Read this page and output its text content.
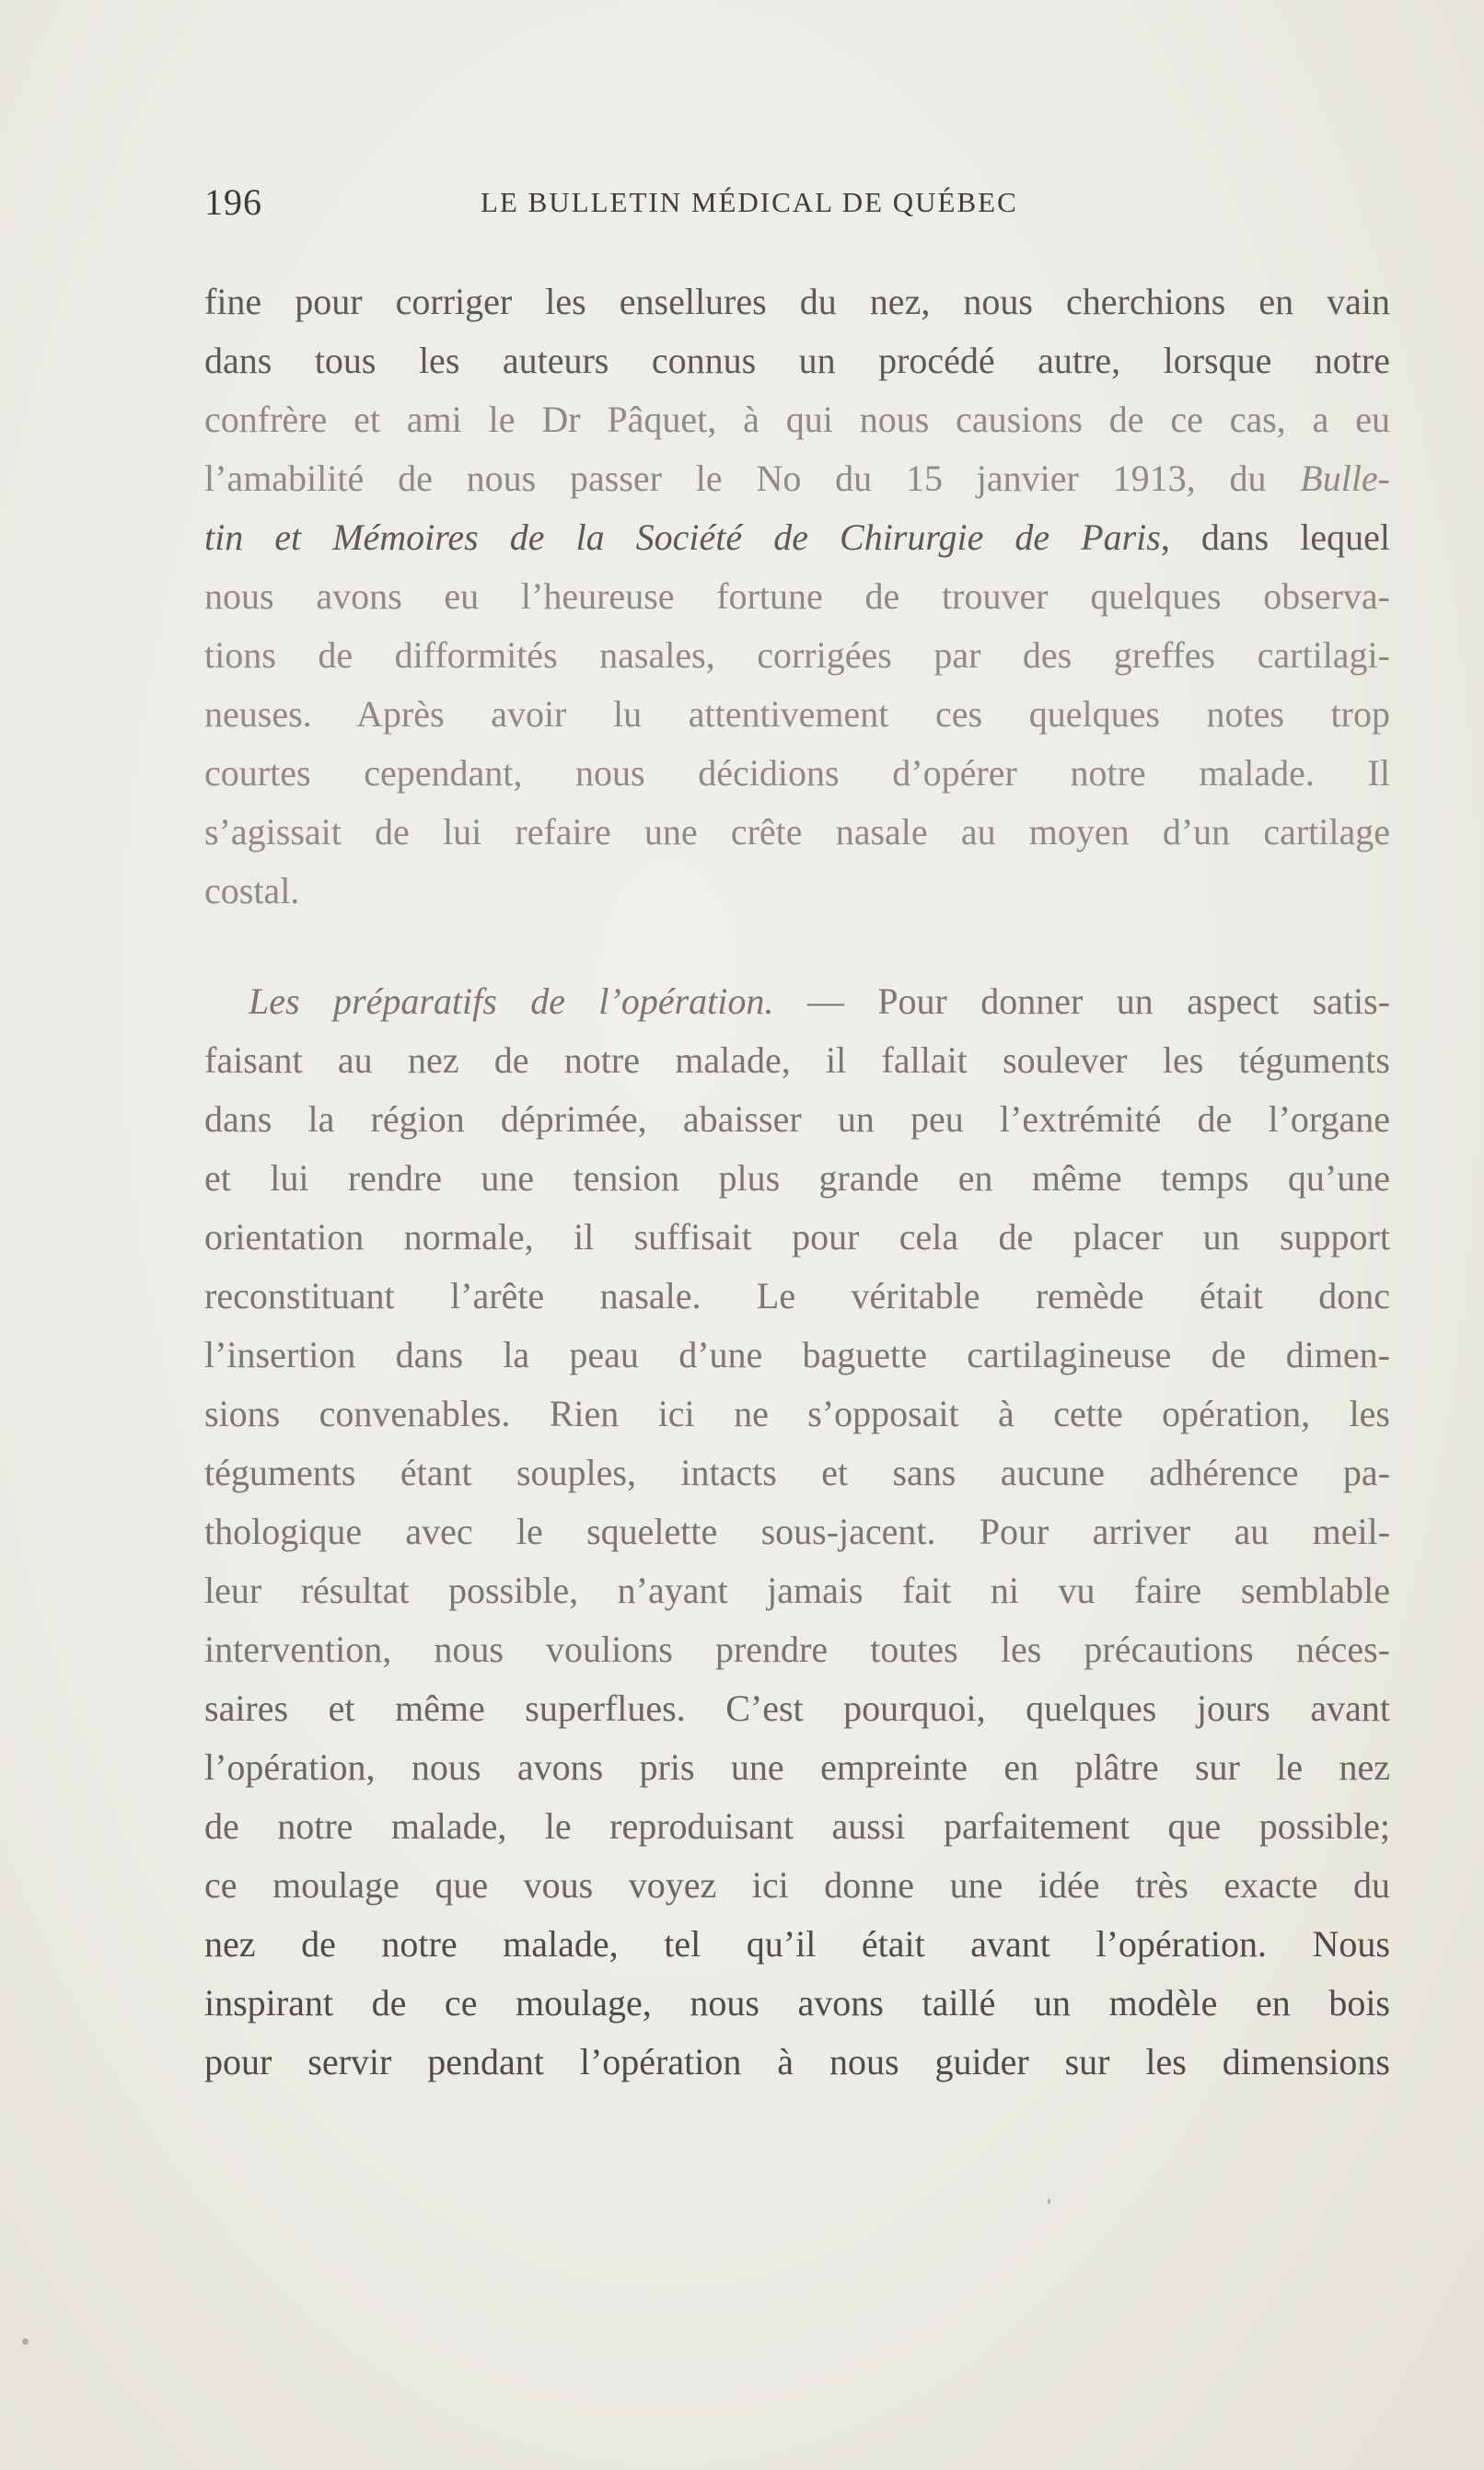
196	LE BULLETIN MÉDICAL DE QUÉBEC
fine pour corriger les ensellures du nez, nous cherchions en vain
dans tous les auteurs connus un procédé autre, lorsque notre
confrère et ami le Dr Pâquet, à qui nous causions de ce cas, a eu
l’amabilité de nous passer le No du 15 janvier 1913, du Bulle-
tin et Mémoires de la Société de Chirurgie de Paris, dans lequel
nous avons eu l’heureuse fortune de trouver quelques observa-
tions de difformités nasales, corrigées par des greffes cartilagi-
neuses. Après avoir lu attentivement ces quelques notes trop
courtes cependant, nous décidions d’opérer notre malade. Il
s’agissait de lui refaire une crête nasale au moyen d’un cartilage
costal.
Les préparatifs de l’opération. — Pour donner un aspect satis-
faisant au nez de notre malade, il fallait soulever les téguments
dans la région déprimée, abaisser un peu l’extrémité de l’organe
et lui rendre une tension plus grande en même temps qu’une
orientation normale, il suffisait pour cela de placer un support
reconstituant l’arête nasale. Le véritable remède était donc
l’insertion dans la peau d’une baguette cartilagineuse de dimen-
sions convenables. Rien ici ne s’opposait à cette opération, les
téguments étant souples, intacts et sans aucune adhérence pa-
thologique avec le squelette sous-jacent. Pour arriver au meil-
leur résultat possible, n’ayant jamais fait ni vu faire semblable
intervention, nous voulions prendre toutes les précautions néces-
saires et même superflues. C’est pourquoi, quelques jours avant
l’opération, nous avons pris une empreinte en plâtre sur le nez
de notre malade, le reproduisant aussi parfaitement que possible;
ce moulage que vous voyez ici donne une idée très exacte du
nez de notre malade, tel qu’il était avant l’opération. Nous
inspirant de ce moulage, nous avons taillé un modèle en bois
pour servir pendant l’opération à nous guider sur les dimensions
